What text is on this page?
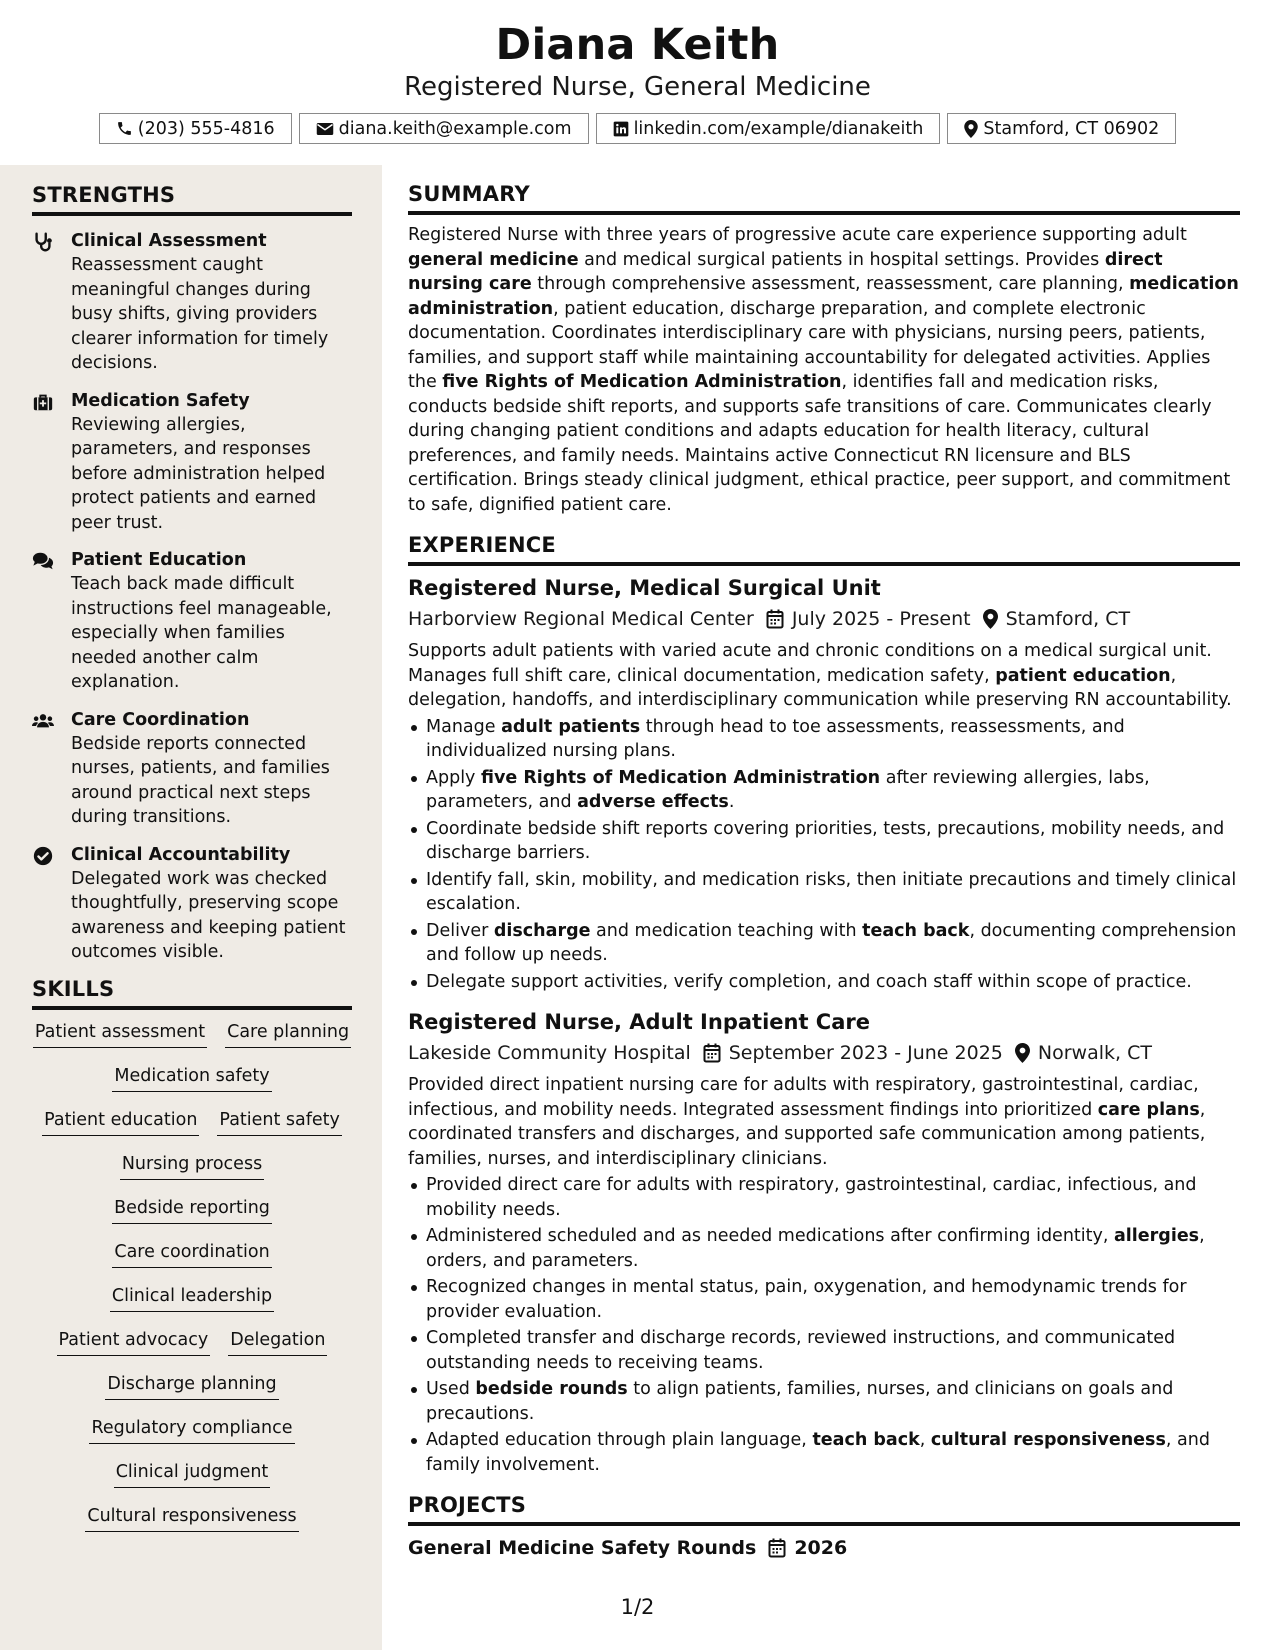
Diana Keith
Registered Nurse, General Medicine
(203) 555-4816	diana.keith@example.com	linkedin.com/example/dianakeith	Stamford, CT 06902
STRENGTHS
Clinical Assessment
Reassessment caught meaningful changes during busy shifts, giving providers clearer information for timely decisions.
Medication Safety
Reviewing allergies, parameters, and responses before administration helped protect patients and earned peer trust.
Patient Education
Teach back made difficult instructions feel manageable, especially when families needed another calm explanation.
Care Coordination
Bedside reports connected nurses, patients, and families around practical next steps during transitions.
Clinical Accountability
Delegated work was checked thoughtfully, preserving scope awareness and keeping patient outcomes visible.
SKILLS
Patient assessment Care planning
Medication safety
Patient education Patient safety
Nursing process
Bedside reporting
Care coordination
Clinical leadership
Patient advocacy Delegation
Discharge planning
Regulatory compliance
Clinical judgment
Cultural responsiveness
SUMMARY
Registered Nurse with three years of progressive acute care experience supporting adult general medicine and medical surgical patients in hospital settings. Provides direct nursing care through comprehensive assessment, reassessment, care planning, medication administration, patient education, discharge preparation, and complete electronic documentation. Coordinates interdisciplinary care with physicians, nursing peers, patients, families, and support staff while maintaining accountability for delegated activities. Applies the five Rights of Medication Administration, identifies fall and medication risks, conducts bedside shift reports, and supports safe transitions of care. Communicates clearly during changing patient conditions and adapts education for health literacy, cultural preferences, and family needs. Maintains active Connecticut RN licensure and BLS certification. Brings steady clinical judgment, ethical practice, peer support, and commitment to safe, dignified patient care.
EXPERIENCE
Registered Nurse, Medical Surgical Unit
Harborview Regional Medical Center July 2025 - Present Stamford, CT
Supports adult patients with varied acute and chronic conditions on a medical surgical unit. Manages full shift care, clinical documentation, medication safety, patient education, delegation, handoffs, and interdisciplinary communication while preserving RN accountability.
Manage adult patients through head to toe assessments, reassessments, and individualized nursing plans.
Apply five Rights of Medication Administration after reviewing allergies, labs, parameters, and adverse effects.
Coordinate bedside shift reports covering priorities, tests, precautions, mobility needs, and discharge barriers.
Identify fall, skin, mobility, and medication risks, then initiate precautions and timely clinical escalation.
Deliver discharge and medication teaching with teach back, documenting comprehension and follow up needs.
Delegate support activities, verify completion, and coach staff within scope of practice.
Registered Nurse, Adult Inpatient Care
Lakeside Community Hospital September 2023 - June 2025 Norwalk, CT
Provided direct inpatient nursing care for adults with respiratory, gastrointestinal, cardiac, infectious, and mobility needs. Integrated assessment findings into prioritized care plans, coordinated transfers and discharges, and supported safe communication among patients, families, nurses, and interdisciplinary clinicians.
Provided direct care for adults with respiratory, gastrointestinal, cardiac, infectious, and mobility needs.
Administered scheduled and as needed medications after confirming identity, allergies, orders, and parameters.
Recognized changes in mental status, pain, oxygenation, and hemodynamic trends for provider evaluation.
Completed transfer and discharge records, reviewed instructions, and communicated outstanding needs to receiving teams.
Used bedside rounds to align patients, families, nurses, and clinicians on goals and precautions.
Adapted education through plain language, teach back, cultural responsiveness, and family involvement.
PROJECTS
General Medicine Safety Rounds 2026
1/2
